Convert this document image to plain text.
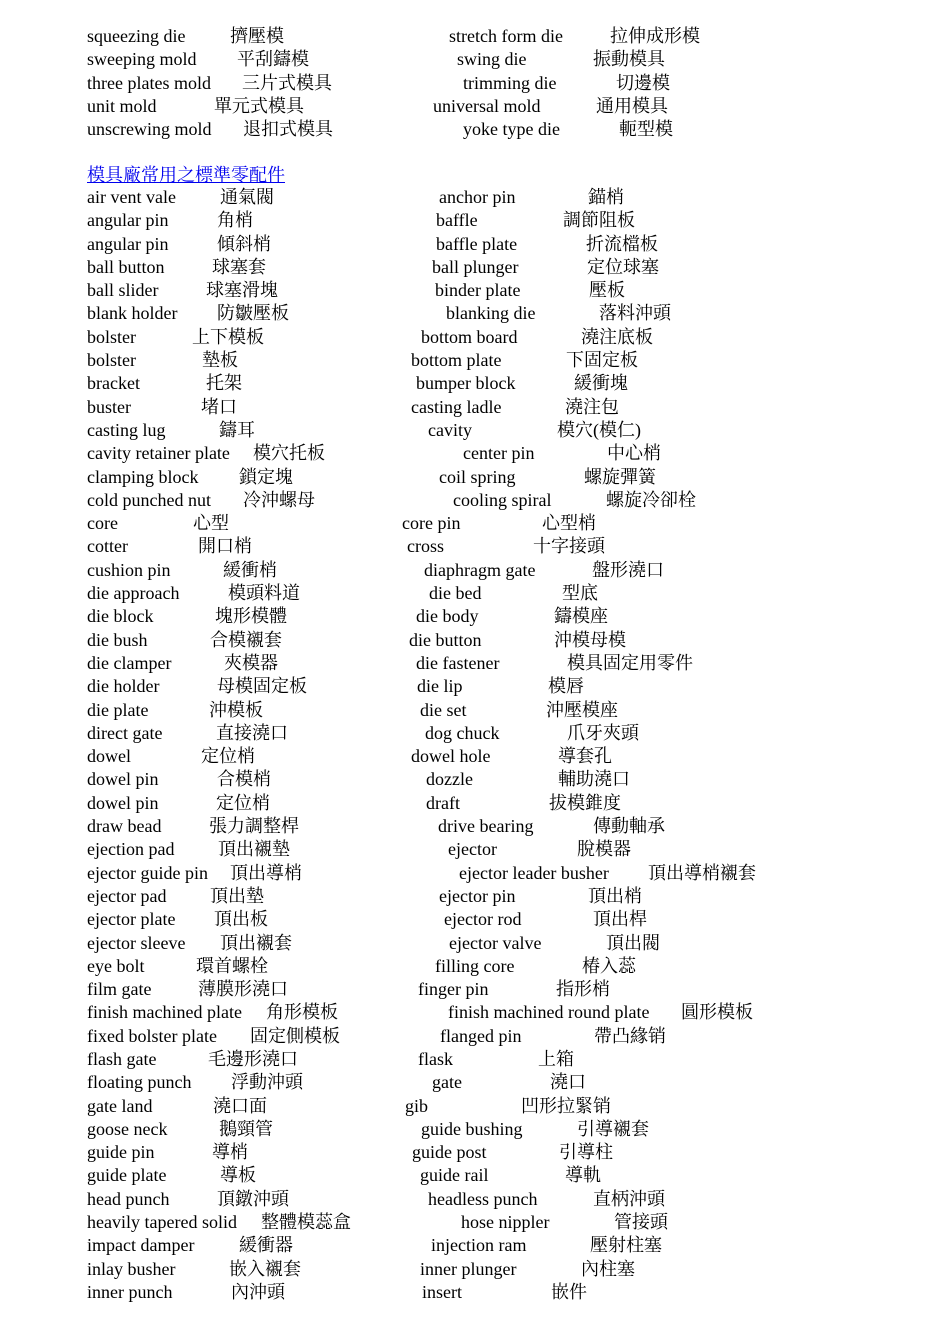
squeezing die 擠壓模	stretch form die	拉伸成形模
sweeping mold 平刮鑄模	swing die	振動模具
three plates mold 三片式模具	trimming die	切邊模
unit mold	單元式模具	universal mold	通用模具
unscrewing mold 退扣式模具	yoke type die	軛型模
模具廠常用之標準零配件
air vent vale 通氣閥	anchor pin	錨梢
angular pin	角梢	baffle	調節阻板
angular pin	傾斜梢	baffle plate	折流檔板
ball button	球塞套	ball plunger	定位球塞
ball slider	球塞滑塊	binder plate	壓板
blank holder 防皺壓板	blanking die	落料沖頭
bolster	上下模板	bottom board	澆注底板
bolster	墊板	bottom plate	下固定板
bracket	托架	bumper block	緩衝塊
buster	堵口	casting ladle	澆注包
casting lug	鑄耳	cavity	模穴(模仁)
cavity retainer plate 模穴托板	center pin	中心梢
clamping block 鎖定塊	coil spring	螺旋彈簧
cold punched nut 冷沖螺母	cooling spiral	螺旋冷卻栓
core	心型	core pin	心型梢
cotter	開口梢	cross	十字接頭
cushion pin	緩衝梢	diaphragm gate	盤形澆口
die approach	模頭料道	die bed	型底
die block	塊形模體	die body	鑄模座
die bush	合模襯套	die button	沖模母模
die clamper	夾模器	die fastener	模具固定用零件
die holder	母模固定板	die lip	模唇
die plate	沖模板	die set	沖壓模座
direct gate	直接澆口	dog chuck	爪牙夾頭
dowel	定位梢	dowel hole	導套孔
dowel pin	合模梢	dozzle	輔助澆口
dowel pin	定位梢	draft	拔模錐度
draw bead	張力調整桿	drive bearing	傳動軸承
ejection pad 頂出襯墊	ejector	脫模器
ejector guide pin 頂出導梢	ejector leader busher 頂出導梢襯套
ejector pad 頂出墊	ejector pin	頂出梢
ejector plate 頂出板	ejector rod	頂出桿
ejector sleeve 頂出襯套	ejector valve	頂出閥
eye bolt	環首螺栓	filling core	椿入蕊
film gate	薄膜形澆口	finger pin	指形梢
finish machined plate 角形模板	finish machined round plate 圓形模板
fixed bolster plate 固定側模板	flanged pin	帶凸緣销
flash gate	毛邊形澆口	flask	上箱
floating punch 浮動沖頭	gate	澆口
gate land	澆口面	gib	凹形拉緊销
goose neck	鵝頸管	guide bushing	引導襯套
guide pin	導梢	guide post	引導柱
guide plate	導板	guide rail	導軌
head punch	頂鐓沖頭	headless punch	直柄沖頭
heavily tapered solid 整體模蕊盒	hose nippler	管接頭
impact damper 緩衝器	injection ram	壓射柱塞
inlay busher	嵌入襯套	inner plunger	內柱塞
inner punch	內沖頭	insert	嵌件
